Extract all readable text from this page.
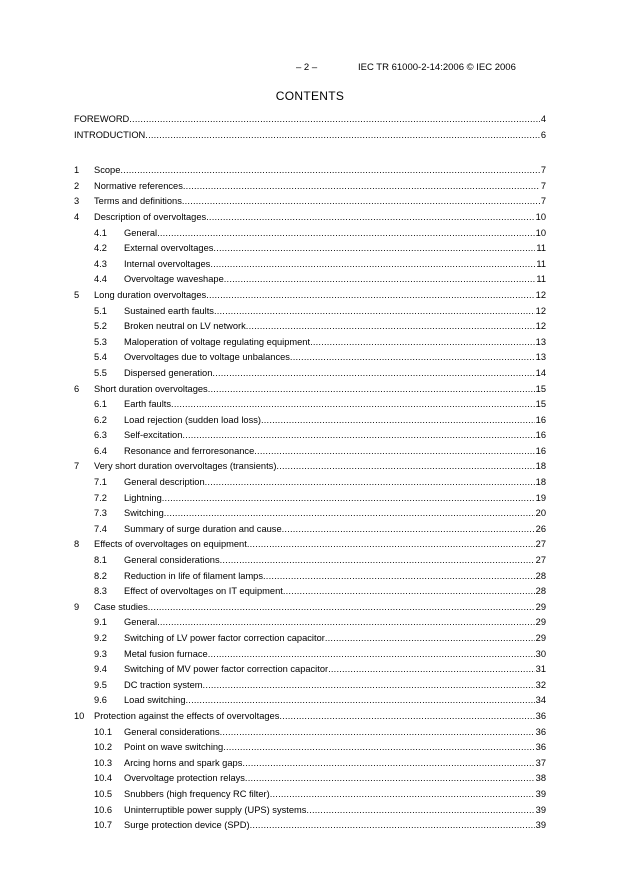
– 2 –	IEC TR 61000-2-14:2006 © IEC 2006
CONTENTS
FOREWORD .....	4
INTRODUCTION .....	6
1 Scope .....	7
2 Normative references .....	7
3 Terms and definitions .....	7
4 Description of overvoltages .....	10
4.1 General .....	10
4.2 External overvoltages .....	11
4.3 Internal overvoltages .....	11
4.4 Overvoltage waveshape .....	11
5 Long duration overvoltages .....	12
5.1 Sustained earth faults .....	12
5.2 Broken neutral on LV network .....	12
5.3 Maloperation of voltage regulating equipment .....	13
5.4 Overvoltages due to voltage unbalances .....	13
5.5 Dispersed generation .....	14
6 Short duration overvoltages .....	15
6.1 Earth faults .....	15
6.2 Load rejection (sudden load loss) .....	16
6.3 Self-excitation .....	16
6.4 Resonance and ferroresonance .....	16
7 Very short duration overvoltages (transients) .....	18
7.1 General description .....	18
7.2 Lightning .....	19
7.3 Switching .....	20
7.4 Summary of surge duration and cause .....	26
8 Effects of overvoltages on equipment .....	27
8.1 General considerations .....	27
8.2 Reduction in life of filament lamps .....	28
8.3 Effect of overvoltages on IT equipment .....	28
9 Case studies .....	29
9.1 General .....	29
9.2 Switching of LV power factor correction capacitor .....	29
9.3 Metal fusion furnace .....	30
9.4 Switching of MV power factor correction capacitor .....	31
9.5 DC traction system .....	32
9.6 Load switching .....	34
10 Protection against the effects of overvoltages .....	36
10.1 General considerations .....	36
10.2 Point on wave switching .....	36
10.3 Arcing horns and spark gaps .....	37
10.4 Overvoltage protection relays .....	38
10.5 Snubbers (high frequency RC filter) .....	39
10.6 Uninterruptible power supply (UPS) systems .....	39
10.7 Surge protection device (SPD) .....	39
